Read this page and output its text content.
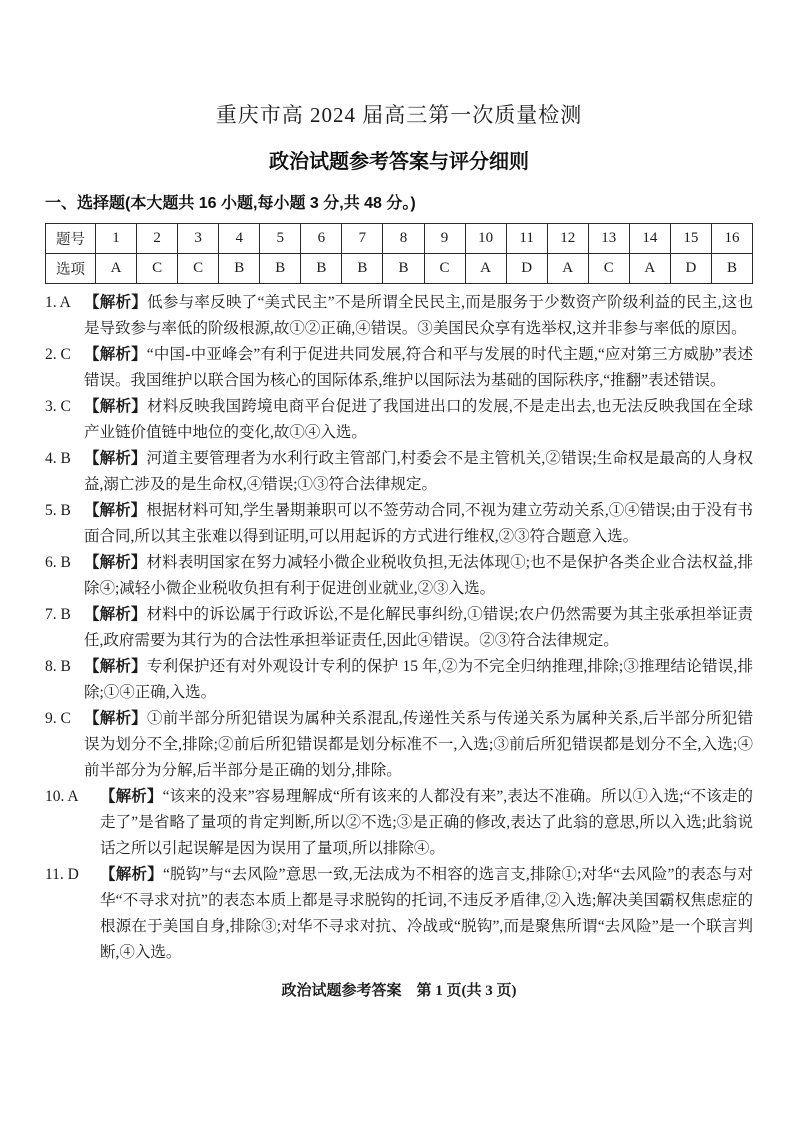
重庆市高 2024 届高三第一次质量检测
政治试题参考答案与评分细则
一、选择题(本大题共 16 小题,每小题 3 分,共 48 分。)
题号	1	2	3	4	5	6	7	8	9	10	11	12	13	14	15	16
选项	A	C	C	B	B	B	B	B	C	A	D	A	C	A	D	B
1. A 【解析】低参与率反映了“美式民主”不是所谓全民民主,而是服务于少数资产阶级利益的民主,这也是导致参与率低的阶级根源,故①②正确,④错误。③美国民众享有选举权,这并非参与率低的原因。
2. C 【解析】“中国-中亚峰会”有利于促进共同发展,符合和平与发展的时代主题,“应对第三方威胁”表述错误。我国维护以联合国为核心的国际体系,维护以国际法为基础的国际秩序,“推翻”表述错误。
3. C 【解析】材料反映我国跨境电商平台促进了我国进出口的发展,不是走出去,也无法反映我国在全球产业链价值链中地位的变化,故①④入选。
4. B 【解析】河道主要管理者为水利行政主管部门,村委会不是主管机关,②错误;生命权是最高的人身权益,溺亡涉及的是生命权,④错误;①③符合法律规定。
5. B 【解析】根据材料可知,学生暑期兼职可以不签劳动合同,不视为建立劳动关系,①④错误;由于没有书面合同,所以其主张难以得到证明,可以用起诉的方式进行维权,②③符合题意入选。
6. B 【解析】材料表明国家在努力减轻小微企业税收负担,无法体现①;也不是保护各类企业合法权益,排除④;减轻小微企业税收负担有利于促进创业就业,②③入选。
7. B 【解析】材料中的诉讼属于行政诉讼,不是化解民事纠纷,①错误;农户仍然需要为其主张承担举证责任,政府需要为其行为的合法性承担举证责任,因此④错误。②③符合法律规定。
8. B 【解析】专利保护还有对外观设计专利的保护 15 年,②为不完全归纳推理,排除;③推理结论错误,排除;①④正确,入选。
9. C 【解析】①前半部分所犯错误为属种关系混乱,传递性关系与传递关系为属种关系,后半部分所犯错误为划分不全,排除;②前后所犯错误都是划分标准不一,入选;③前后所犯错误都是划分不全,入选;④前半部分为分解,后半部分是正确的划分,排除。
10. A	【解析】“该来的没来”容易理解成“所有该来的人都没有来”,表达不准确。所以①入选;“不该走的走了”是省略了量项的肯定判断,所以②不选;③是正确的修改,表达了此翁的意思,所以入选;此翁说话之所以引起误解是因为误用了量项,所以排除④。
11. D	【解析】“脱钩”与“去风险”意思一致,无法成为不相容的选言支,排除①;对华“去风险”的表态与对华“不寻求对抗”的表态本质上都是寻求脱钩的托词,不违反矛盾律,②入选;解决美国霸权焦虑症的根源在于美国自身,排除③;对华不寻求对抗、冷战或“脱钩”,而是聚焦所谓“去风险”是一个联言判断,④入选。
政治试题参考答案　第 1 页(共 3 页)
